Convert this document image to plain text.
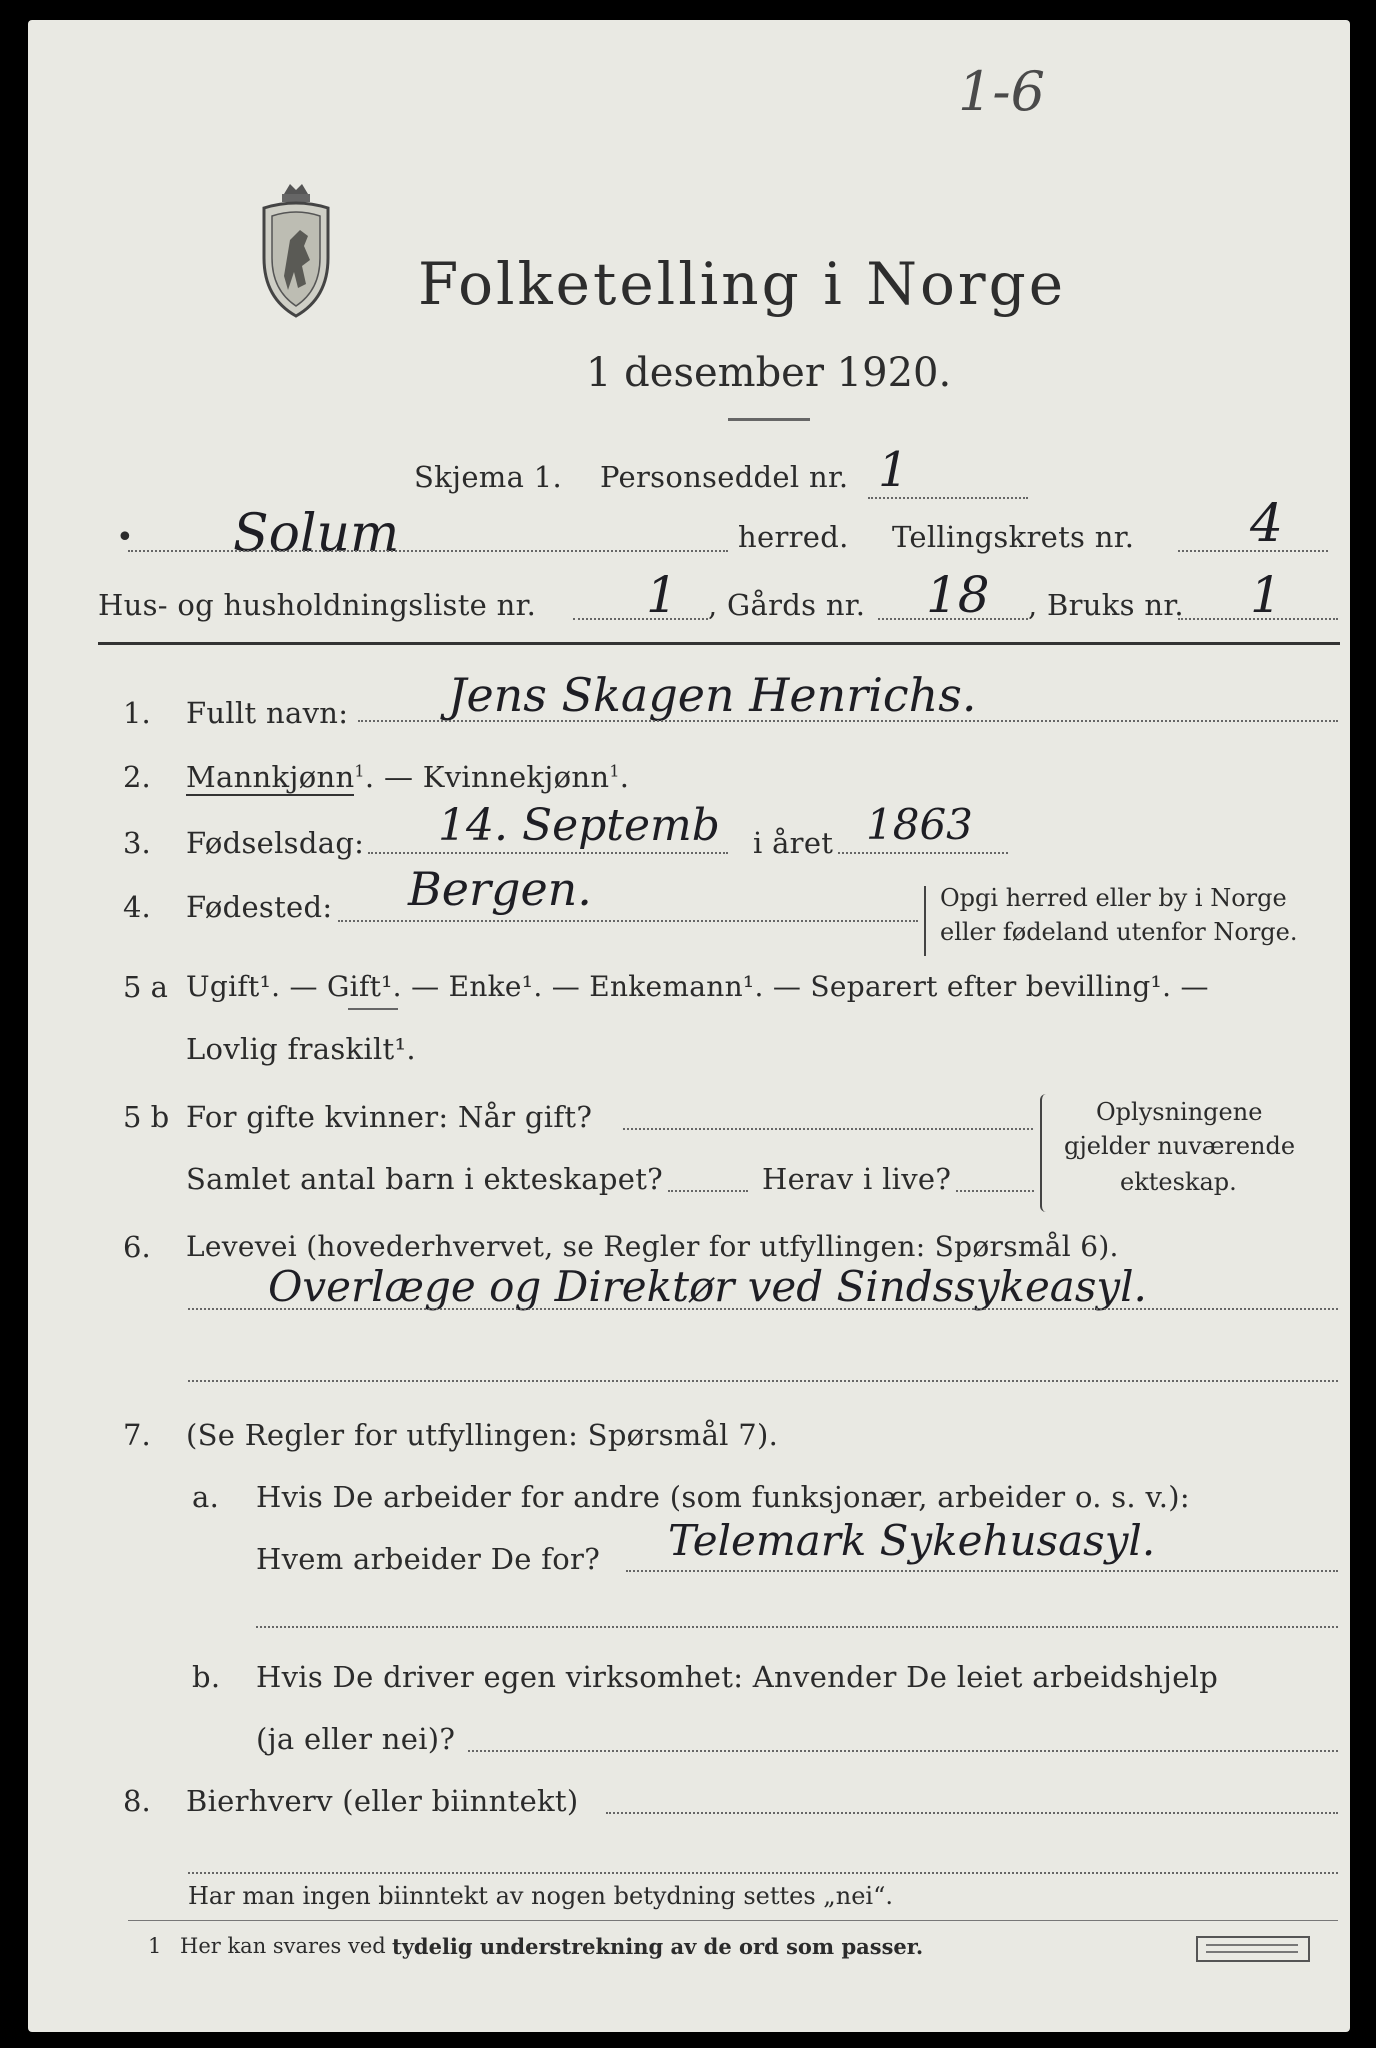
1-6
Folketelling i Norge
1 desember 1920.
Skjema 1. Personseddel nr. 1
• Solum	herred. Tellingskrets nr. 4
Hus- og husholdningsliste nr. 1 , Gårds nr. 18 , Bruks nr. 1
1. Fullt navn: Jens Skagen Henrichs.
2. Mannkjønn$^1$. — Kvinnekjønn$^1$.
3. Fødselsdag: 14. Septemb i året 1863
4. Fødested: Bergen.	Opgi herred eller by i Norge
eller fødeland utenfor Norge.
5 a Ugift¹. — Gift¹. — Enke¹. — Enkemann¹. — Separert efter bevilling¹. —
Lovlig fraskilt¹.
5 b For gifte kvinner: Når gift?
Samlet antal barn i ekteskapet?	Herav i live?
Oplysningene
gjelder nuværende
ekteskap.
6. Levevei (hovederhvervet, se Regler for utfyllingen: Spørsmål 6).
Overlæge og Direktør ved Sindssykeasyl.
7. (Se Regler for utfyllingen: Spørsmål 7).
a. Hvis De arbeider for andre (som funksjonær, arbeider o. s. v.):
Hvem arbeider De for? Telemark Sykehusasyl.
b. Hvis De driver egen virksomhet: Anvender De leiet arbeidshjelp
(ja eller nei)?
8. Bierhverv (eller biinntekt)
Har man ingen biinntekt av nogen betydning settes „nei“.
1 Her kan svares ved tydelig understrekning av de ord som passer.
